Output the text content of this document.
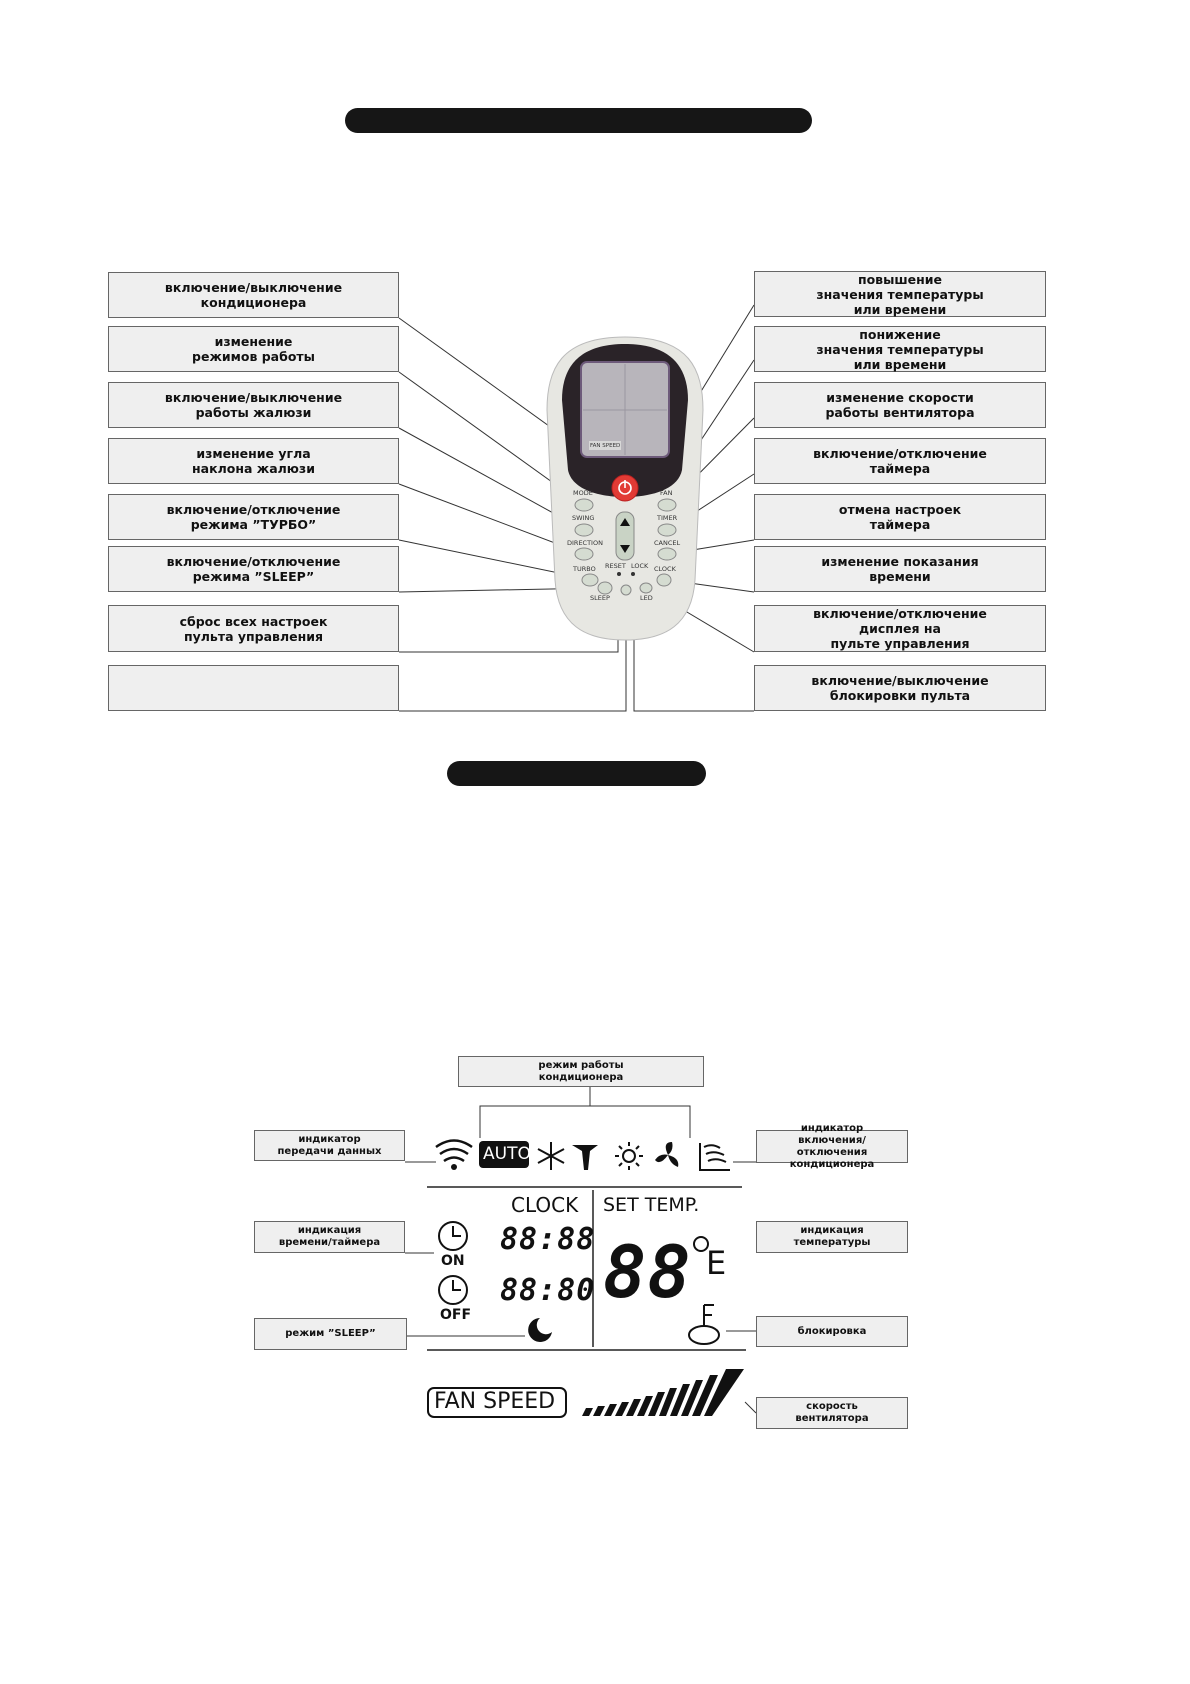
MODE
SWING
DIRECTION
TURBO
SLEEP
RESET LOCK
FAN
TIMER
CANCEL
CLOCK
LED
FAN SPEED
включение/выключение
кондиционера
изменение
режимов работы
включение/выключение
работы жалюзи
изменение угла
наклона жалюзи
включение/отключение
режима ”ТУРБО”
включение/отключение
режима ”SLEEP”
сброс всех настроек
пульта управления
повышение
значения температуры
или времени
понижение
значения температуры
или времени
изменение скорости
работы вентилятора
включение/отключение
таймера
отмена настроек
таймера
изменение показания
времени
включение/отключение
дисплея на
пульте управления
включение/выключение
блокировки пульта
AUTO
CLOCK SET TEMP.
ON
OFF
88:88
88:80 88 E
FAN SPEED
режим работы
кондиционера
индикатор
передачи данных
индикатор
включения/отключения
кондиционера
индикация
времени/таймера
индикация
температуры
режим ”SLEEP”	блокировка
скорость
вентилятора
